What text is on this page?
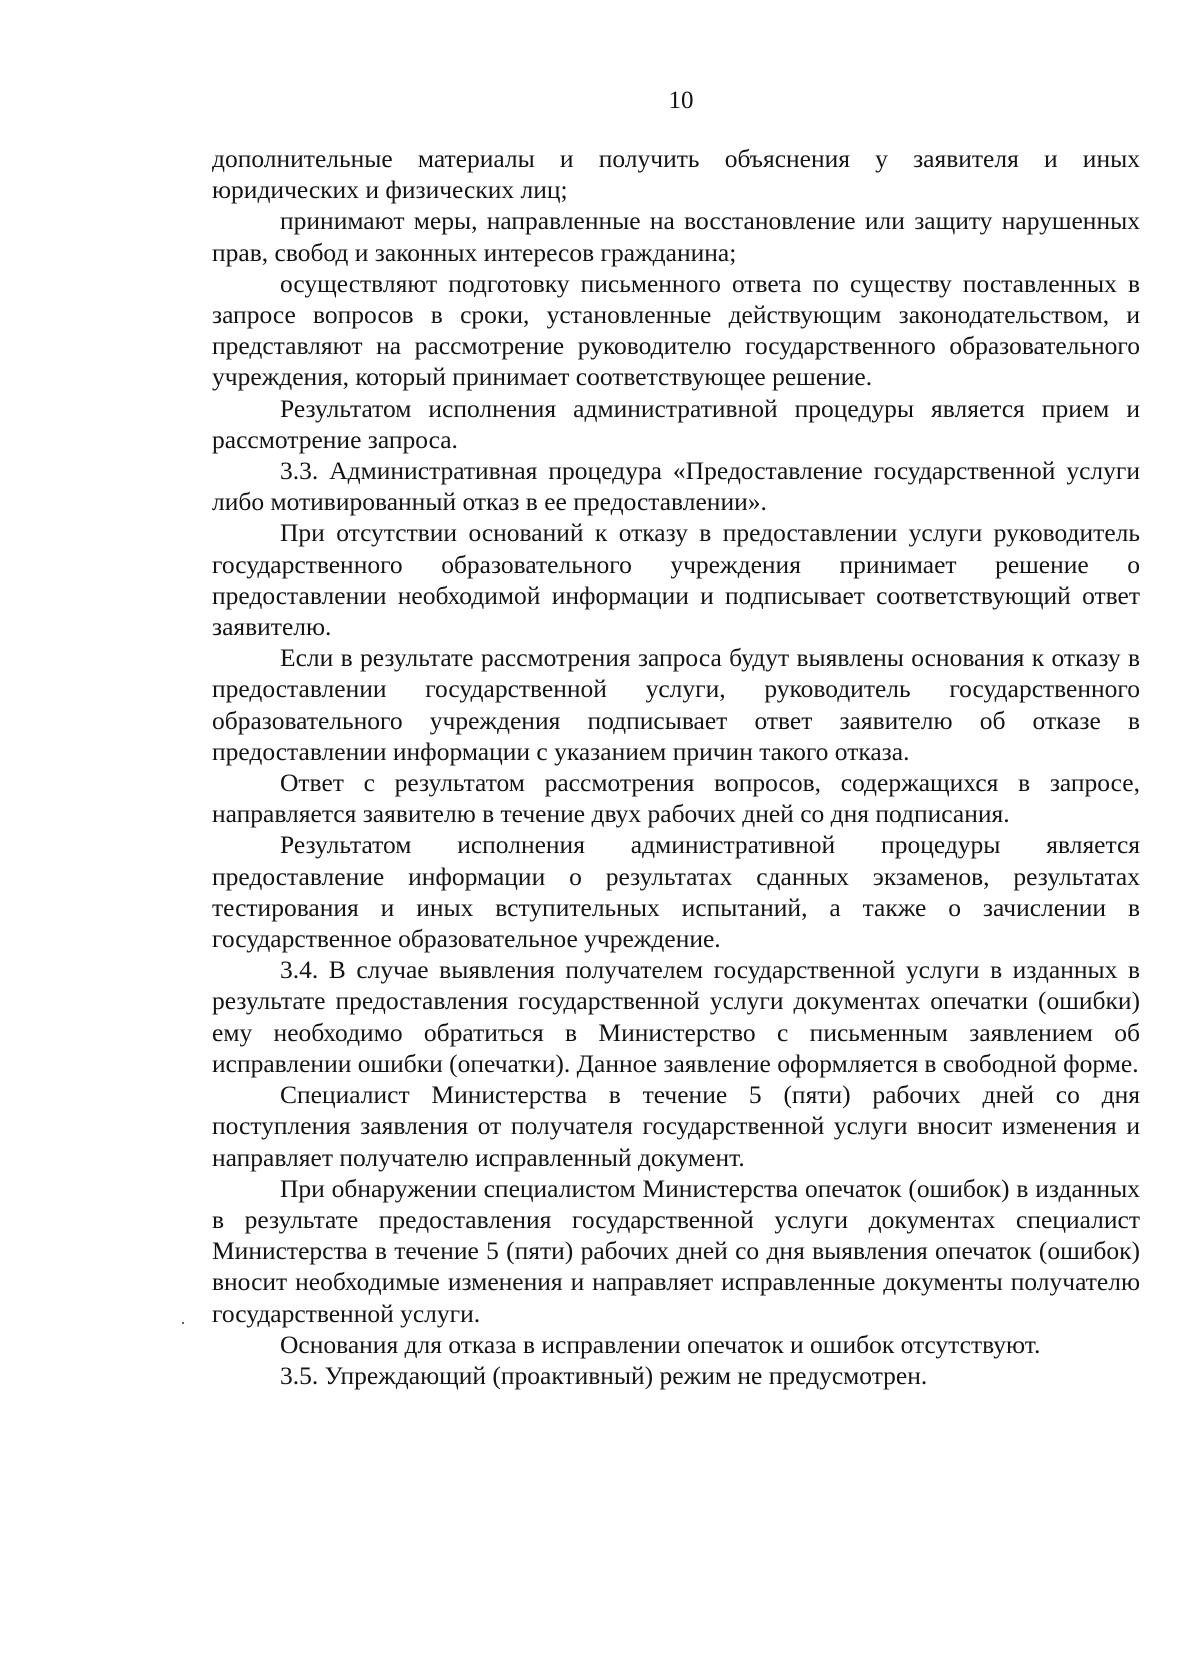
10

дополнительные материалы и получить объяснения у заявителя и иных юридических и физических лиц;

принимают меры, направленные на восстановление или защиту нарушенных прав, свобод и законных интересов гражданина;

осуществляют подготовку письменного ответа по существу поставленных в запросе вопросов в сроки, установленные действующим законодательством, и представляют на рассмотрение руководителю государственного образовательного учреждения, который принимает соответствующее решение.

Результатом исполнения административной процедуры является прием и рассмотрение запроса.

3.3. Административная процедура «Предоставление государственной услуги либо мотивированный отказ в ее предоставлении».

При отсутствии оснований к отказу в предоставлении услуги руководитель государственного образовательного учреждения принимает решение о предоставлении необходимой информации и подписывает соответствующий ответ заявителю.

Если в результате рассмотрения запроса будут выявлены основания к отказу в предоставлении государственной услуги, руководитель государственного образовательного учреждения подписывает ответ заявителю об отказе в предоставлении информации с указанием причин такого отказа.

Ответ с результатом рассмотрения вопросов, содержащихся в запросе, направляется заявителю в течение двух рабочих дней со дня подписания.

Результатом исполнения административной процедуры является предоставление информации о результатах сданных экзаменов, результатах тестирования и иных вступительных испытаний, а также о зачислении в государственное образовательное учреждение.

3.4. В случае выявления получателем государственной услуги в изданных в результате предоставления государственной услуги документах опечатки (ошибки) ему необходимо обратиться в Министерство с письменным заявлением об исправлении ошибки (опечатки). Данное заявление оформляется в свободной форме.

Специалист Министерства в течение 5 (пяти) рабочих дней со дня поступления заявления от получателя государственной услуги вносит изменения и направляет получателю исправленный документ.

При обнаружении специалистом Министерства опечаток (ошибок) в изданных в результате предоставления государственной услуги документах специалист Министерства в течение 5 (пяти) рабочих дней со дня выявления опечаток (ошибок) вносит необходимые изменения и направляет исправленные документы получателю государственной услуги.

Основания для отказа в исправлении опечаток и ошибок отсутствуют.

3.5. Упреждающий (проактивный) режим не предусмотрен.
